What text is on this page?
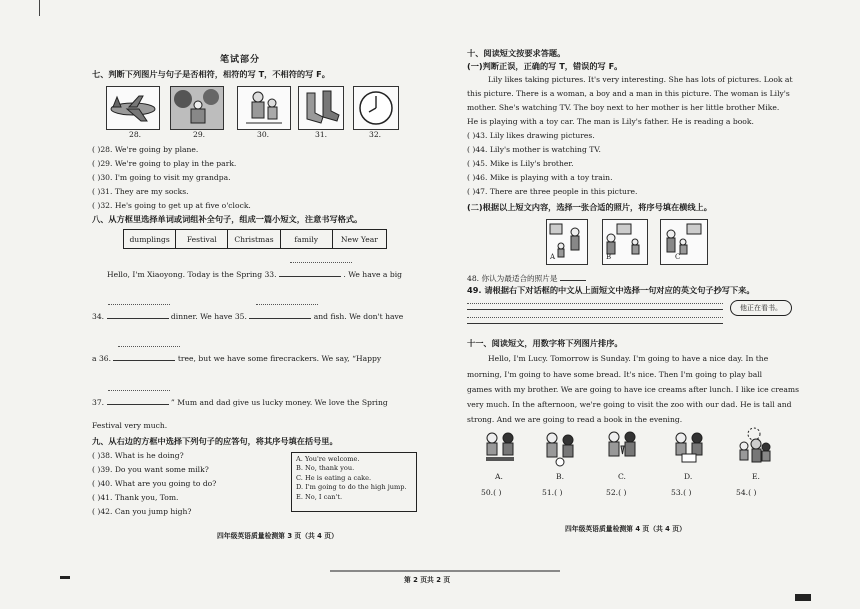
笔试部分
七、判断下列图片与句子是否相符，相符的写 T，不相符的写 F。
28.	29.	30.	31.	32.
( )28. We're going by plane.
( )29. We're going to play in the park.
( )30. I'm going to visit my grandpa.
( )31. They are my socks.
( )32. He's going to get up at five o'clock.
八、从方框里选择单词或词组补全句子，组成一篇小短文，注意书写格式。
dumplings	Festival	Christmas	family	New Year
Hello, I'm Xiaoyong. Today is the Spring 33.	. We have a big
34.	dinner. We have 35.	and fish. We don't have
a 36.	tree, but we have some firecrackers. We say, “Happy
37.	” Mum and dad give us lucky money. We love the Spring
Festival very much.
九、从右边的方框中选择下列句子的应答句，将其序号填在括号里。
( )38. What is he doing?
( )39. Do you want some milk?
( )40. What are you going to do?
( )41. Thank you, Tom.
( )42. Can you jump high?
A. You're welcome.
B. No, thank you.
C. He is eating a cake.
D. I'm going to do the high jump.
E. No, I can't.
四年级英语质量检测第 3 页（共 4 页）
十、阅读短文按要求答题。
(一)判断正误，正确的写 T，错误的写 F。
Lily likes taking pictures. It's very interesting. She has lots of pictures. Look at
this picture. There is a woman, a boy and a man in this picture. The woman is Lily's
mother. She's watching TV. The boy next to her mother is her little brother Mike.
He is playing with a toy car. The man is Lily's father. He is reading a book.
( )43. Lily likes drawing pictures.
( )44. Lily's mother is watching TV.
( )45. Mike is Lily's brother.
( )46. Mike is playing with a toy train.
( )47. There are three people in this picture.
(二)根据以上短文内容，选择一张合适的照片，将序号填在横线上。
A	B	C
48. 你认为最适合的照片是
49. 请根据右下对话框的中文从上面短文中选择一句对应的英文句子抄写下来。
他正在看书。
十一、阅读短文，用数字将下列图片排序。
Hello, I'm Lucy. Tomorrow is Sunday. I'm going to have a nice day. In the
morning, I'm going to have some bread. It's nice. Then I'm going to play ball
games with my brother. We are going to have ice creams after lunch. I like ice creams
very much. In the afternoon, we're going to visit the zoo with our dad. He is tall and
strong. And we are going to read a book in the evening.
A.	B.	C.	D.	E.
50.( )	51.( )	52.( )	53.( )	54.( )
四年级英语质量检测第 4 页（共 4 页）
第 2 页共 2 页
